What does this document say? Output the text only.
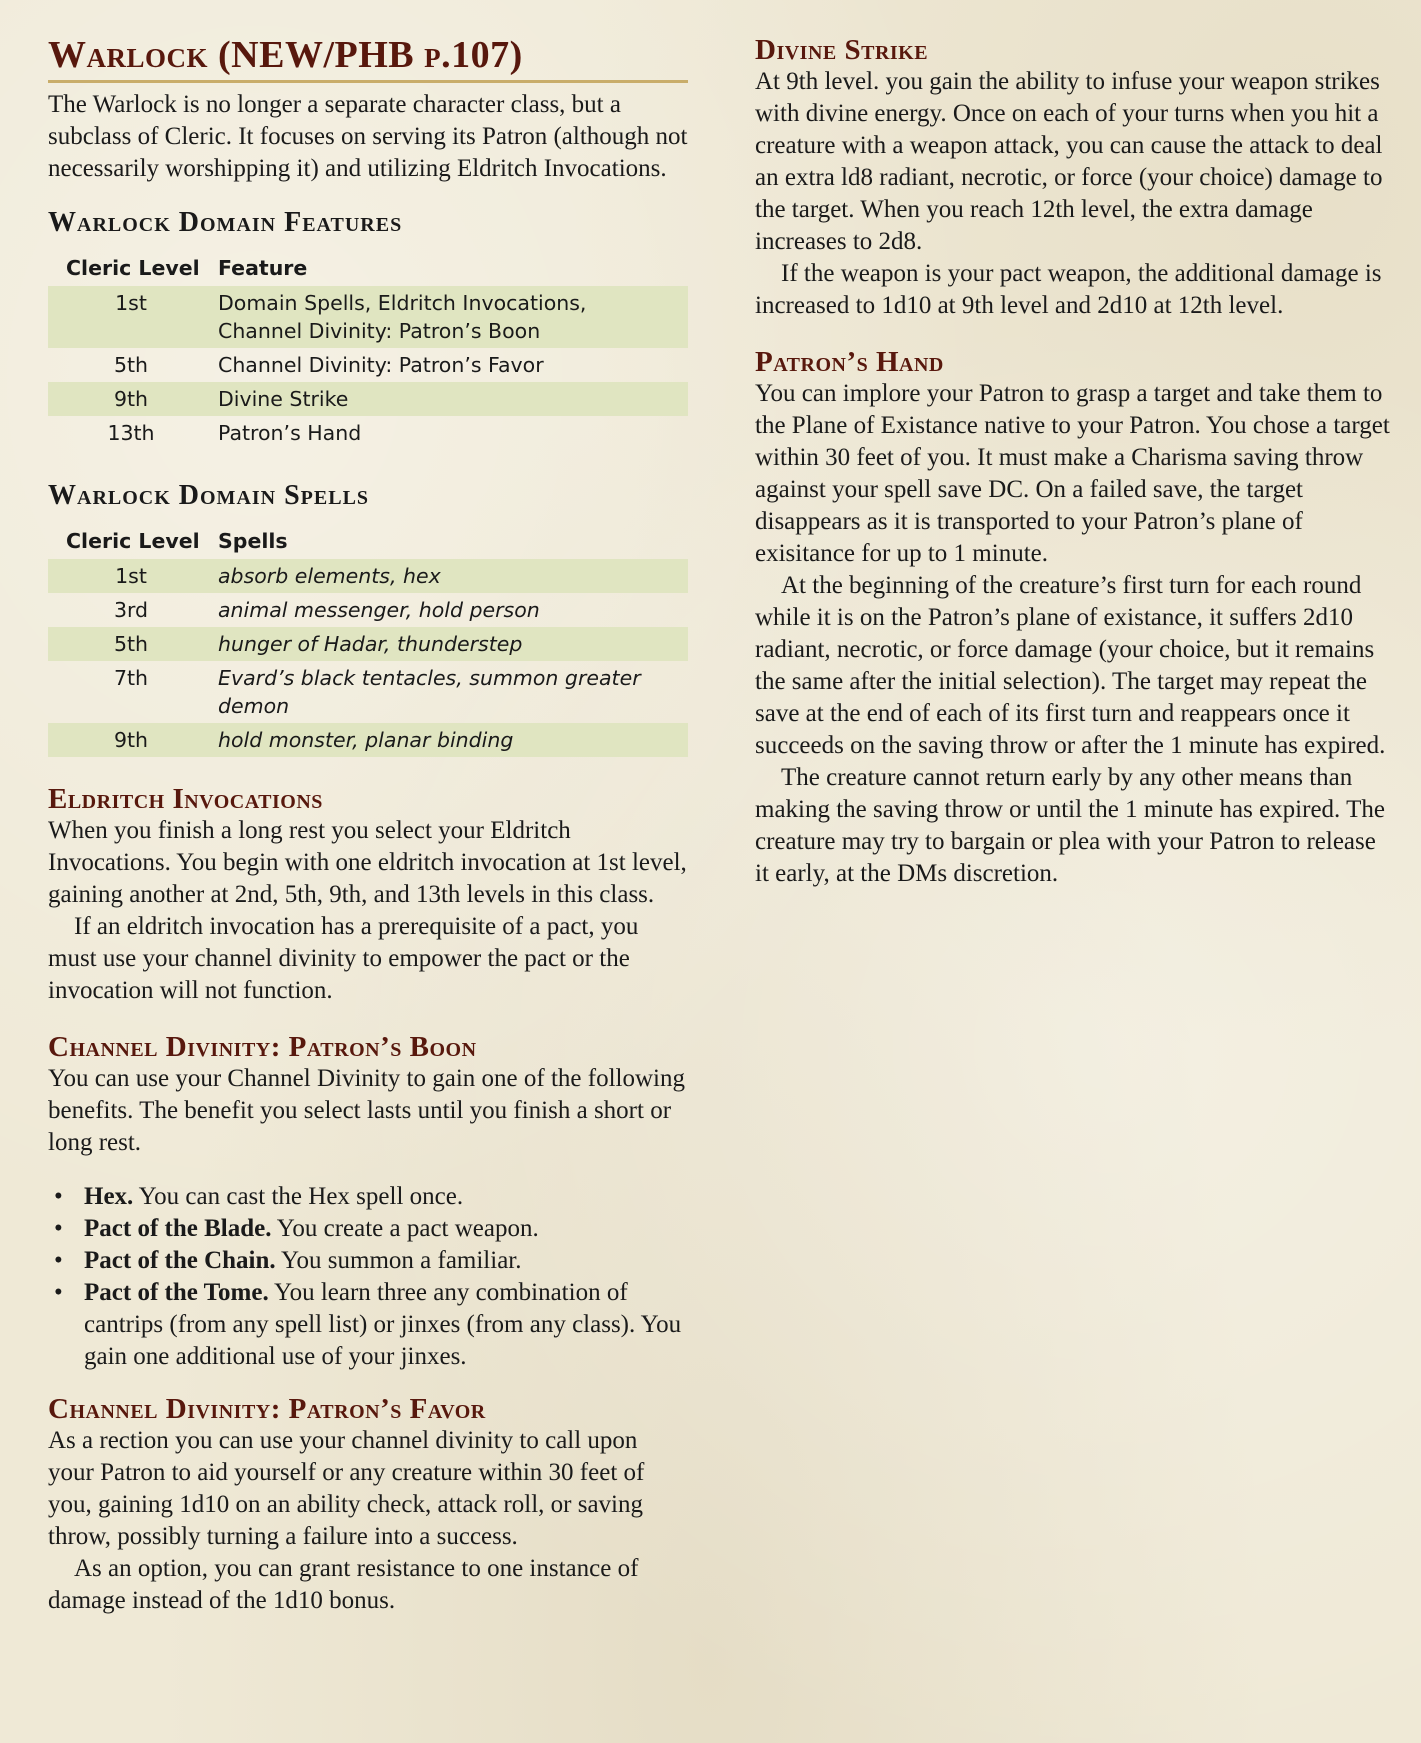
Warlock (NEW/PHB p.107)

The Warlock is no longer a separate character class, but a subclass of Cleric. It focuses on serving its Patron (although not necessarily worshipping it) and utilizing Eldritch Invocations.

Warlock Domain Features
Cleric Level	Feature
1st	Domain Spells, Eldritch Invocations,
Channel Divinity: Patron’s Boon
5th	Channel Divinity: Patron’s Favor
9th	Divine Strike
13th	Patron’s Hand
Warlock Domain Spells
Cleric Level	Spells
1st	absorb elements, hex
3rd	animal messenger, hold person
5th	hunger of Hadar, thunderstep
7th	Evard’s black tentacles, summon greater demon
9th	hold monster, planar binding
Eldritch Invocations

When you finish a long rest you select your Eldritch Invocations. You begin with one eldritch invocation at 1st level, gaining another at 2nd, 5th, 9th, and 13th levels in this class.

If an eldritch invocation has a prerequisite of a pact, you must use your channel divinity to empower the pact or the invocation will not function.

Channel Divinity: Patron’s Boon

You can use your Channel Divinity to gain one of the following benefits. The benefit you select lasts until you finish a short or long rest.

• Hex. You can cast the Hex spell once.
• Pact of the Blade. You create a pact weapon.
• Pact of the Chain. You summon a familiar.
• Pact of the Tome. You learn three any combination of cantrips (from any spell list) or jinxes (from any class). You gain one additional use of your jinxes.
Channel Divinity: Patron’s Favor

As a rection you can use your channel divinity to call upon your Patron to aid yourself or any creature within 30 feet of you, gaining 1d10 on an ability check, attack roll, or saving throw, possibly turning a failure into a success.

As an option, you can grant resistance to one instance of damage instead of the 1d10 bonus.

Divine Strike

At 9th level. you gain the ability to infuse your weapon strikes with divine energy. Once on each of your turns when you hit a creature with a weapon attack, you can cause the attack to deal an extra ld8 radiant, necrotic, or force (your choice) damage to the target. When you reach 12th level, the extra damage increases to 2d8.

If the weapon is your pact weapon, the additional damage is increased to 1d10 at 9th level and 2d10 at 12th level.

Patron’s Hand

You can implore your Patron to grasp a target and take them to the Plane of Existance native to your Patron. You chose a target within 30 feet of you. It must make a Charisma saving throw against your spell save DC. On a failed save, the target disappears as it is transported to your Patron’s plane of exisitance for up to 1 minute.

At the beginning of the creature’s first turn for each round while it is on the Patron’s plane of existance, it suffers 2d10 radiant, necrotic, or force damage (your choice, but it remains the same after the initial selection). The target may repeat the save at the end of each of its first turn and reappears once it succeeds on the saving throw or after the 1 minute has expired.

The creature cannot return early by any other means than making the saving throw or until the 1 minute has expired. The creature may try to bargain or plea with your Patron to release it early, at the DMs discretion.
